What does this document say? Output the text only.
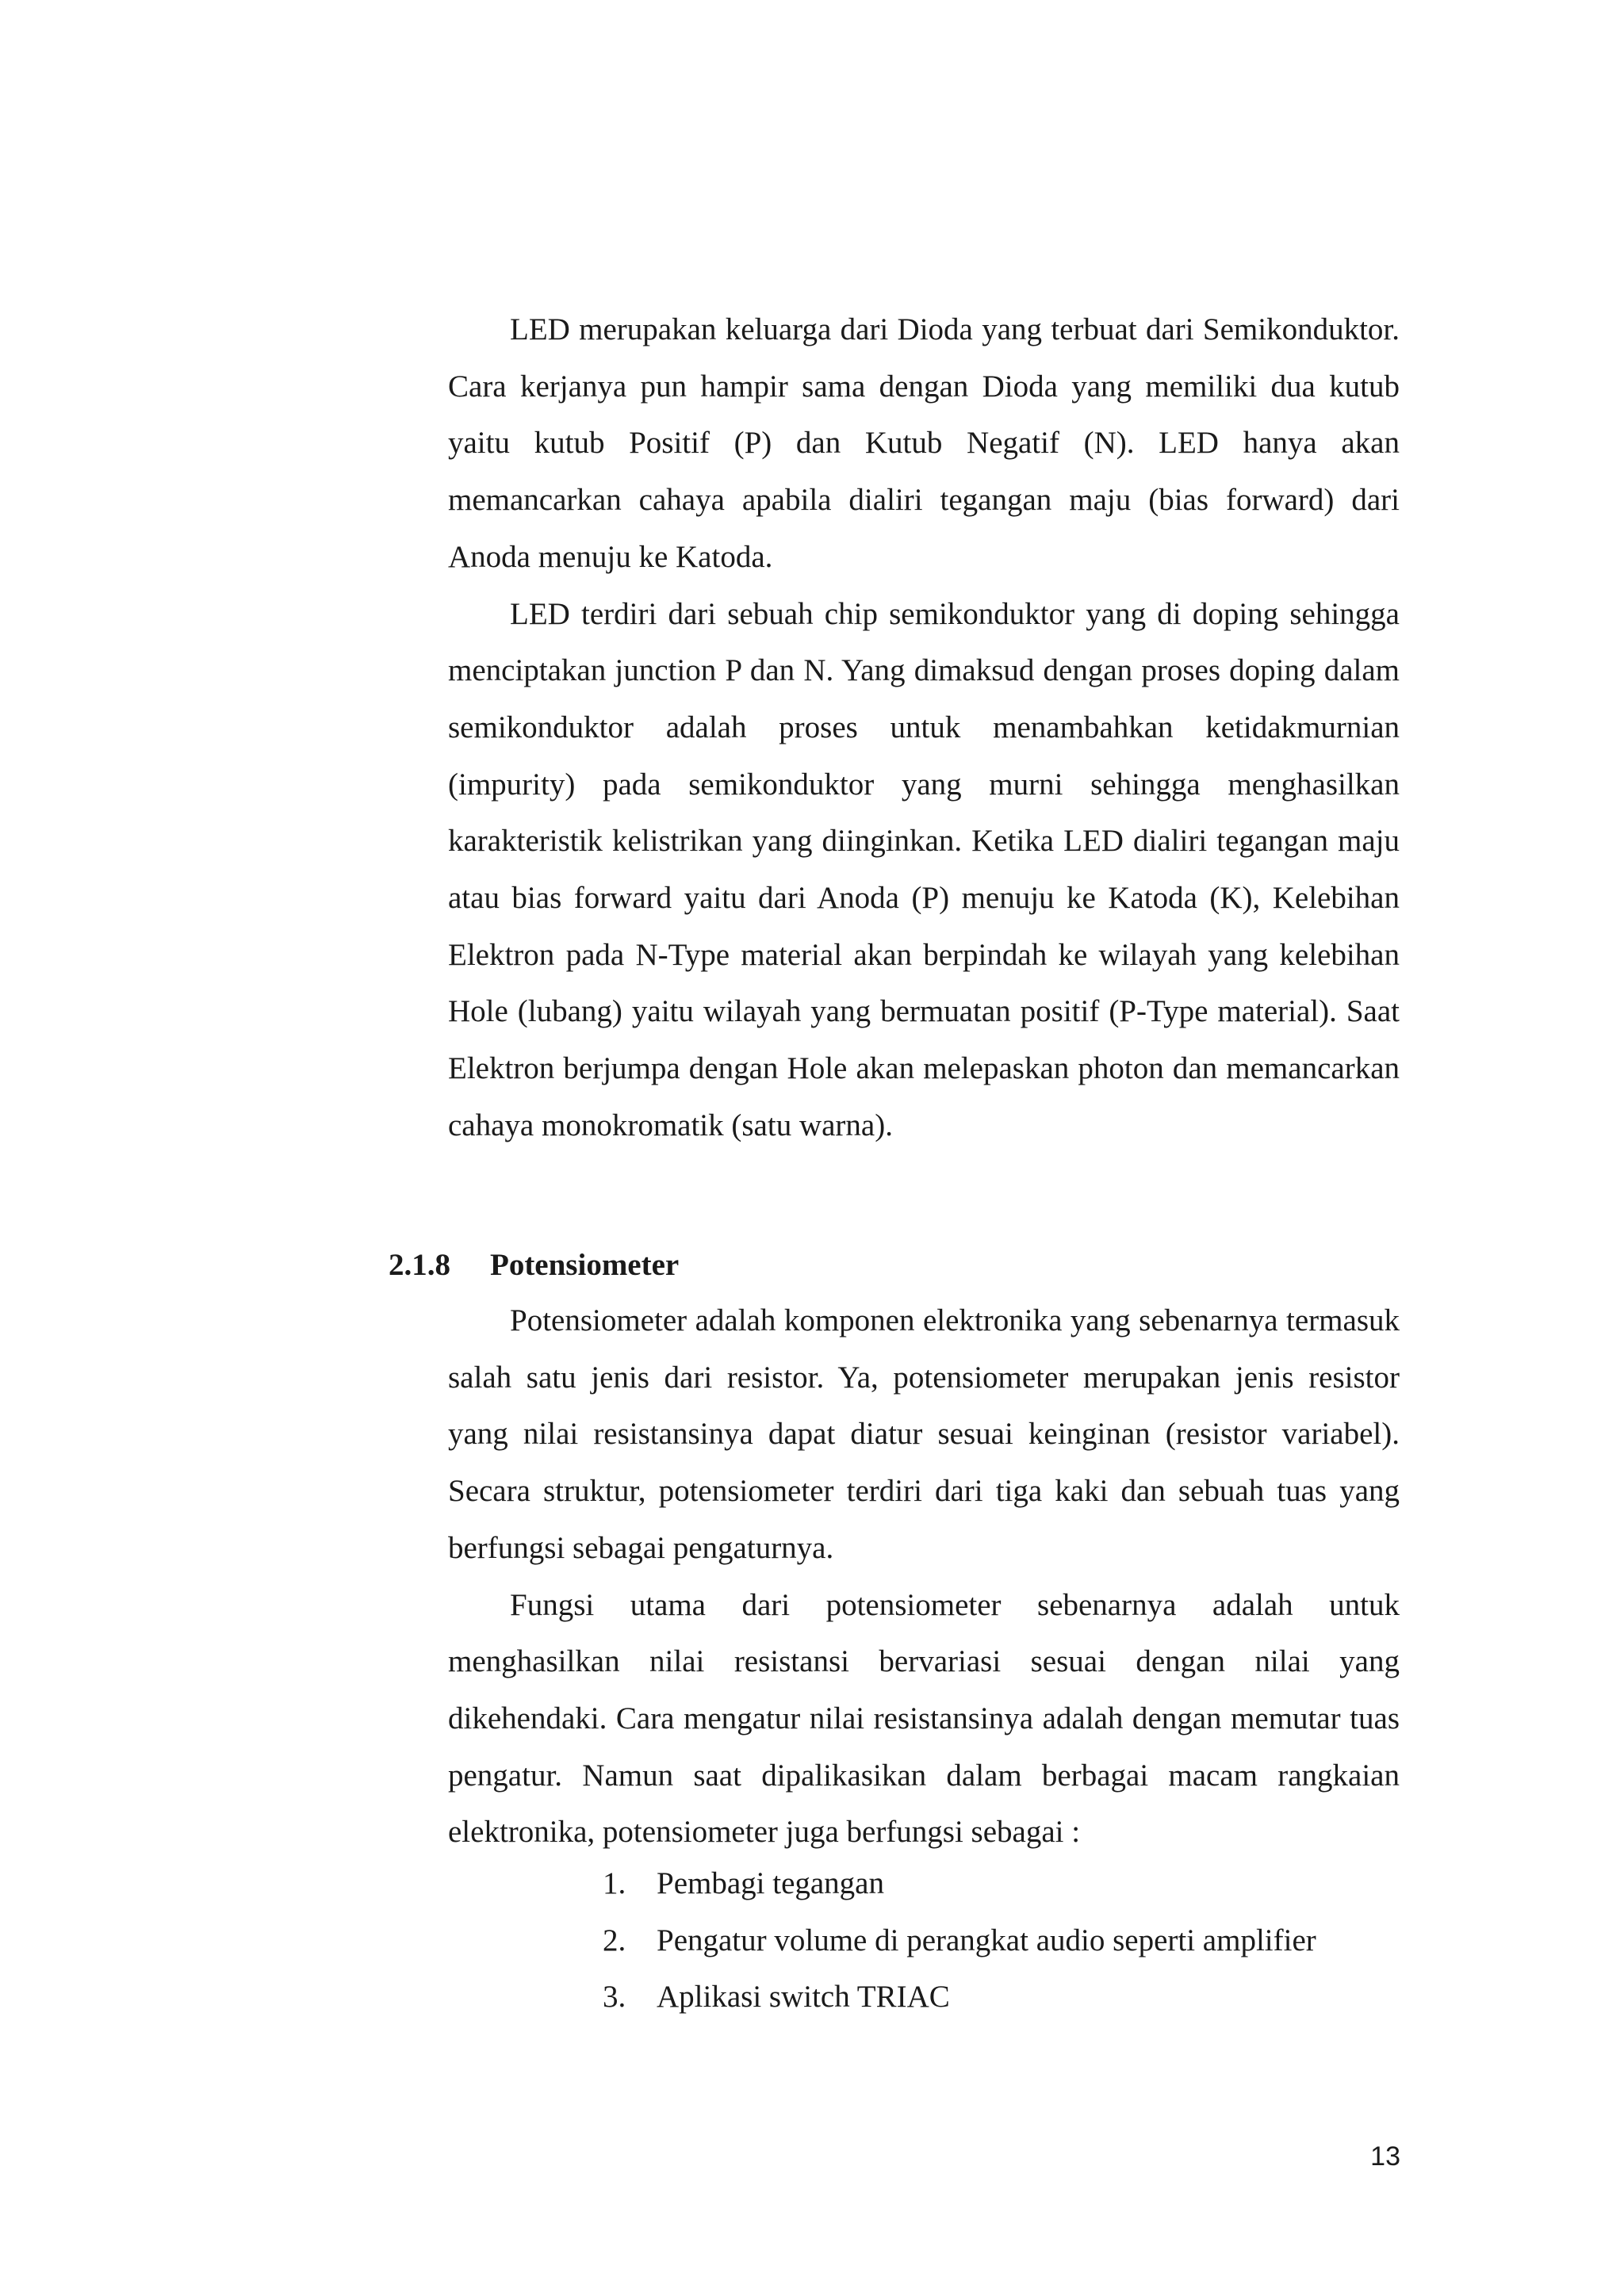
LED merupakan keluarga dari Dioda yang terbuat dari Semikonduktor. Cara kerjanya pun hampir sama dengan Dioda yang memiliki dua kutub yaitu kutub Positif (P) dan Kutub Negatif (N). LED hanya akan memancarkan cahaya apabila dialiri tegangan maju (bias forward) dari Anoda menuju ke Katoda.

LED terdiri dari sebuah chip semikonduktor yang di doping sehingga menciptakan junction P dan N. Yang dimaksud dengan proses doping dalam semikonduktor adalah proses untuk menambahkan ketidakmurnian (impurity) pada semikonduktor yang murni sehingga menghasilkan karakteristik kelistrikan yang diinginkan. Ketika LED dialiri tegangan maju atau bias forward yaitu dari Anoda (P) menuju ke Katoda (K), Kelebihan Elektron pada N-Type material akan berpindah ke wilayah yang kelebihan Hole (lubang) yaitu wilayah yang bermuatan positif (P-Type material). Saat Elektron berjumpa dengan Hole akan melepaskan photon dan memancarkan cahaya monokromatik (satu warna).

2.1.8 Potensiometer

Potensiometer adalah komponen elektronika yang sebenarnya termasuk salah satu jenis dari resistor. Ya, potensiometer merupakan jenis resistor yang nilai resistansinya dapat diatur sesuai keinginan (resistor variabel). Secara struktur, potensiometer terdiri dari tiga kaki dan sebuah tuas yang berfungsi sebagai pengaturnya.

Fungsi utama dari potensiometer sebenarnya adalah untuk menghasilkan nilai resistansi bervariasi sesuai dengan nilai yang dikehendaki. Cara mengatur nilai resistansinya adalah dengan memutar tuas pengatur. Namun saat dipalikasikan dalam berbagai macam rangkaian elektronika, potensiometer juga berfungsi sebagai :

1. Pembagi tegangan
2. Pengatur volume di perangkat audio seperti amplifier
3. Aplikasi switch TRIAC
13
